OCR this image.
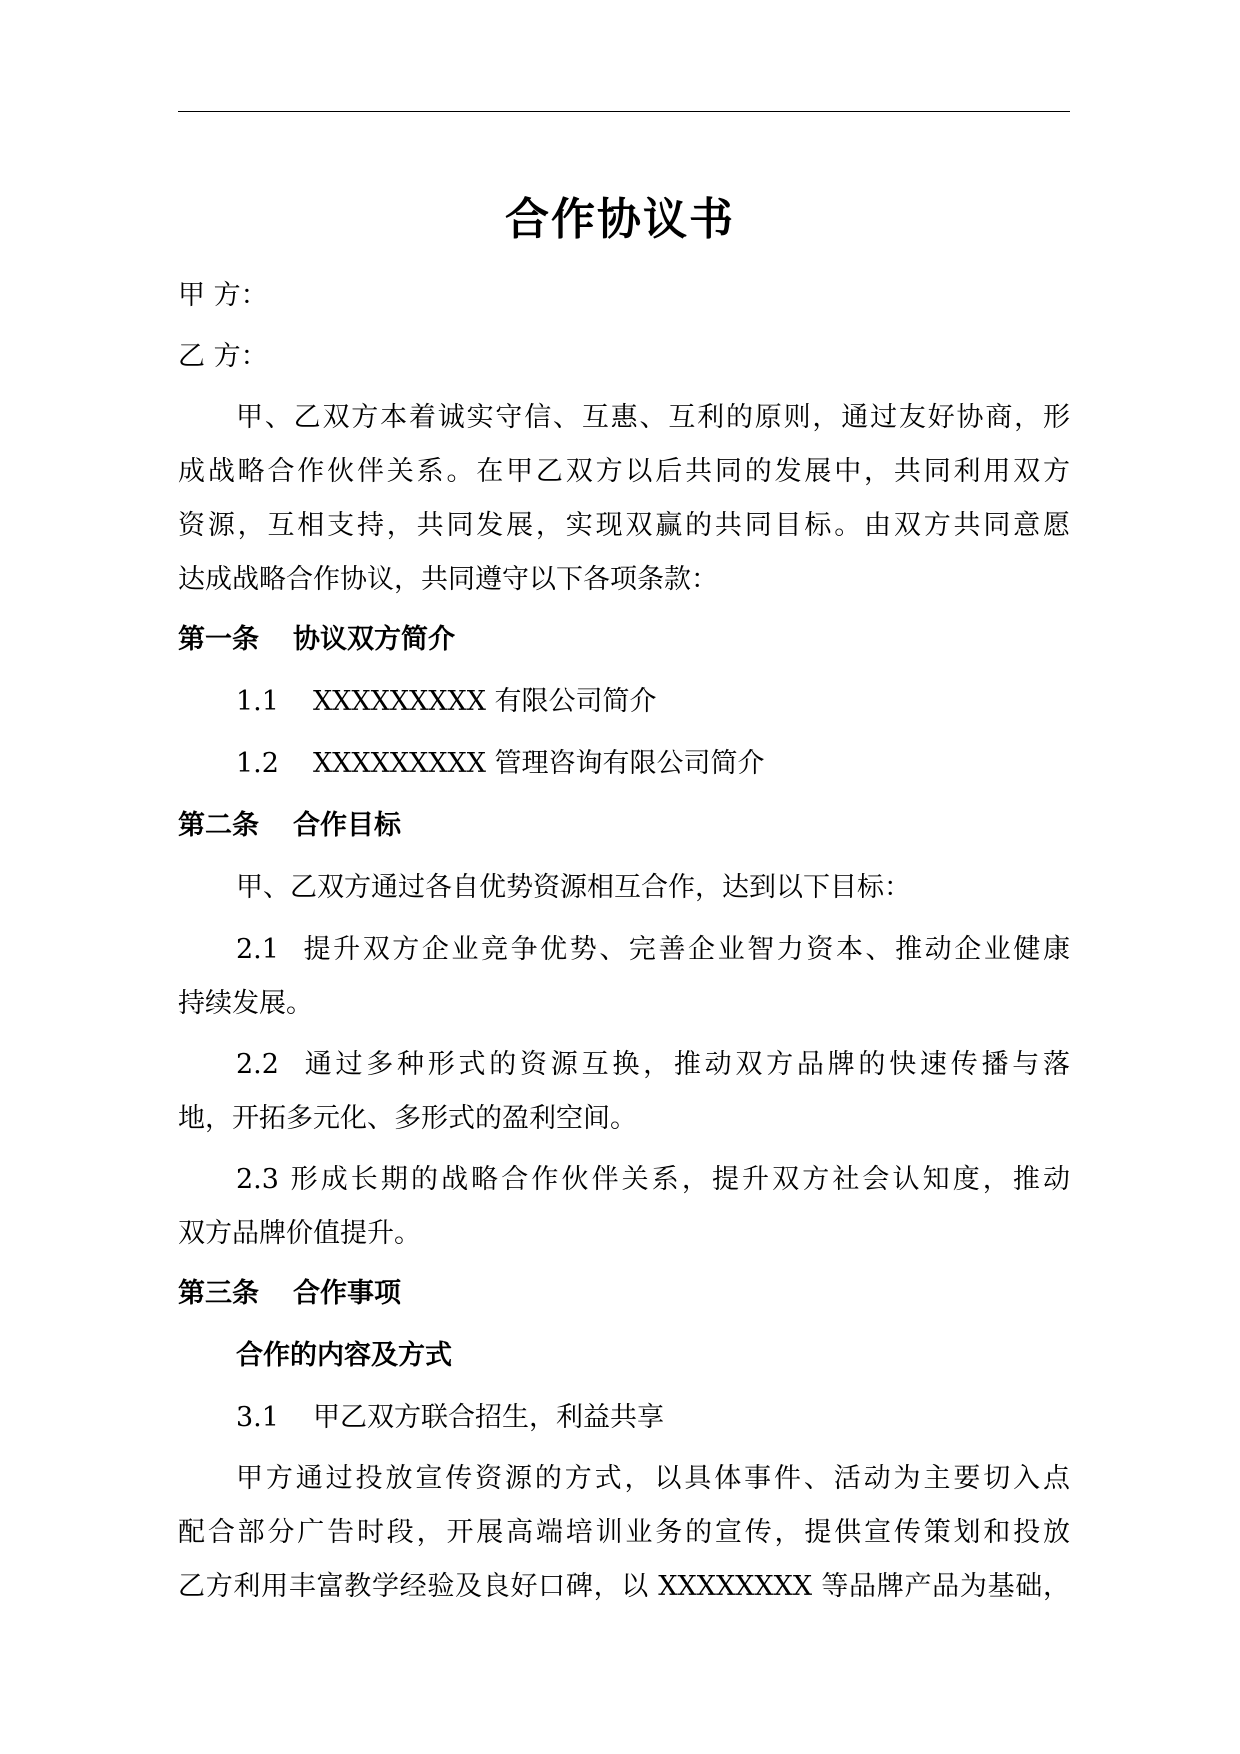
合作协议书
甲 方：
乙 方：
甲、乙双方本着诚实守信、互惠、互利的原则，通过友好协商，形
成战略合作伙伴关系。在甲乙双方以后共同的发展中，共同利用双方
资源，互相支持，共同发展，实现双赢的共同目标。由双方共同意愿
达成战略合作协议，共同遵守以下各项条款：
第一条 协议双方简介
1.1 XXXXXXXXX 有限公司简介
1.2 XXXXXXXXX 管理咨询有限公司简介
第二条 合作目标
甲、乙双方通过各自优势资源相互合作，达到以下目标：
2.1 提升双方企业竞争优势、完善企业智力资本、推动企业健康
持续发展。
2.2 通过多种形式的资源互换，推动双方品牌的快速传播与落
地，开拓多元化、多形式的盈利空间。
2.3 形成长期的战略合作伙伴关系，提升双方社会认知度，推动
双方品牌价值提升。
第三条 合作事项
合作的内容及方式
3.1 甲乙双方联合招生，利益共享
甲方通过投放宣传资源的方式，以具体事件、活动为主要切入点
配合部分广告时段，开展高端培训业务的宣传，提供宣传策划和投放
乙方利用丰富教学经验及良好口碑，以 XXXXXXXX 等品牌产品为基础，
